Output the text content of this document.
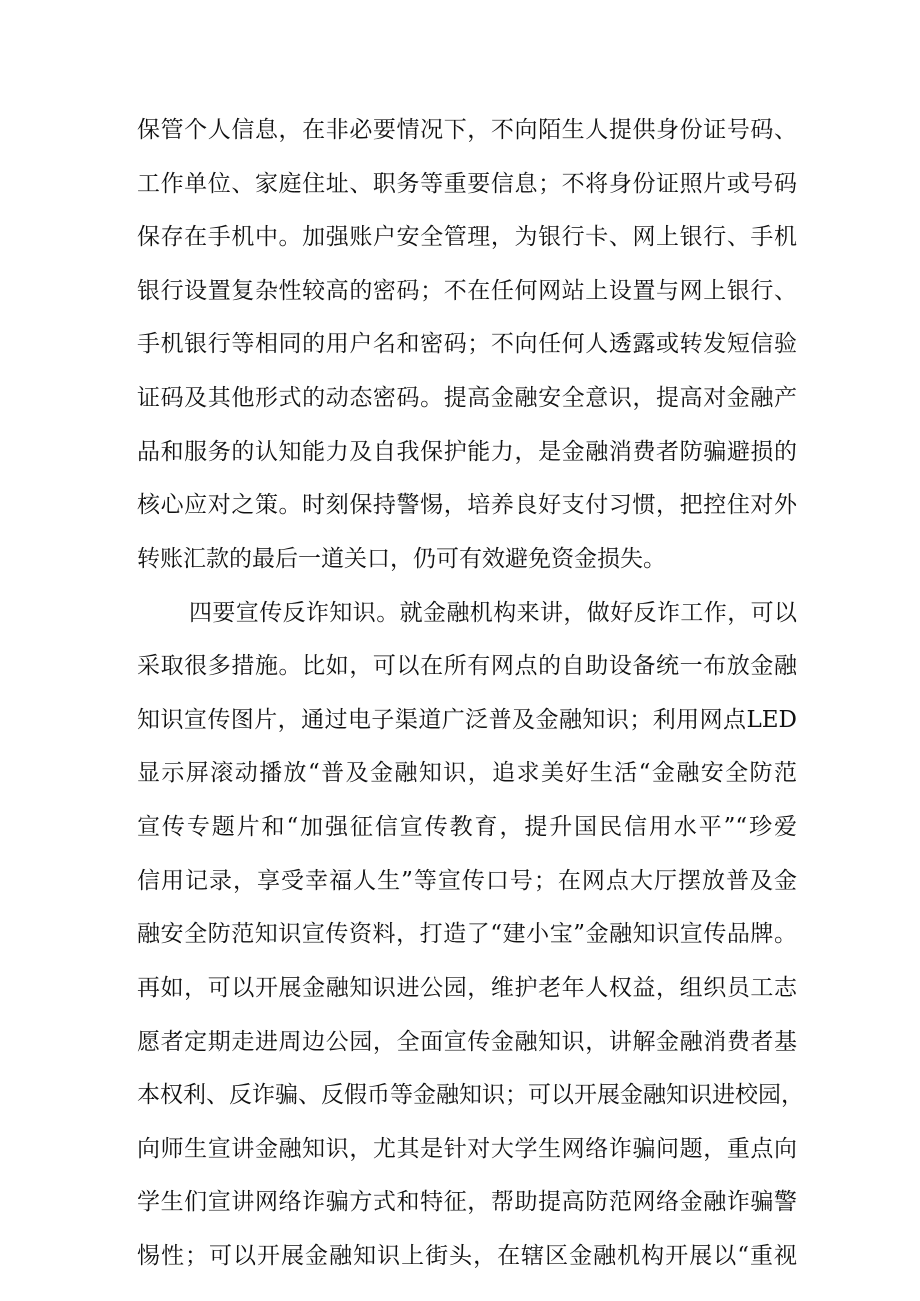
保管个人信息，在非必要情况下，不向陌生人提供身份证号码、
工作单位、家庭住址、职务等重要信息；不将身份证照片或号码
保存在手机中。加强账户安全管理，为银行卡、网上银行、手机
银行设置复杂性较高的密码；不在任何网站上设置与网上银行、
手机银行等相同的用户名和密码；不向任何人透露或转发短信验
证码及其他形式的动态密码。提高金融安全意识，提高对金融产
品和服务的认知能力及自我保护能力，是金融消费者防骗避损的
核心应对之策。时刻保持警惕，培养良好支付习惯，把控住对外
转账汇款的最后一道关口，仍可有效避免资金损失。
四要宣传反诈知识。就金融机构来讲，做好反诈工作，可以
采取很多措施。比如，可以在所有网点的自助设备统一布放金融
知识宣传图片，通过电子渠道广泛普及金融知识；利用网点LED
显示屏滚动播放“普及金融知识，追求美好生活“金融安全防范
宣传专题片和“加强征信宣传教育，提升国民信用水平”“珍爱
信用记录，享受幸福人生”等宣传口号；在网点大厅摆放普及金
融安全防范知识宣传资料，打造了“建小宝”金融知识宣传品牌。
再如，可以开展金融知识进公园，维护老年人权益，组织员工志
愿者定期走进周边公园，全面宣传金融知识，讲解金融消费者基
本权利、反诈骗、反假币等金融知识；可以开展金融知识进校园，
向师生宣讲金融知识，尤其是针对大学生网络诈骗问题，重点向
学生们宣讲网络诈骗方式和特征，帮助提高防范网络金融诈骗警
惕性；可以开展金融知识上街头，在辖区金融机构开展以“重视
